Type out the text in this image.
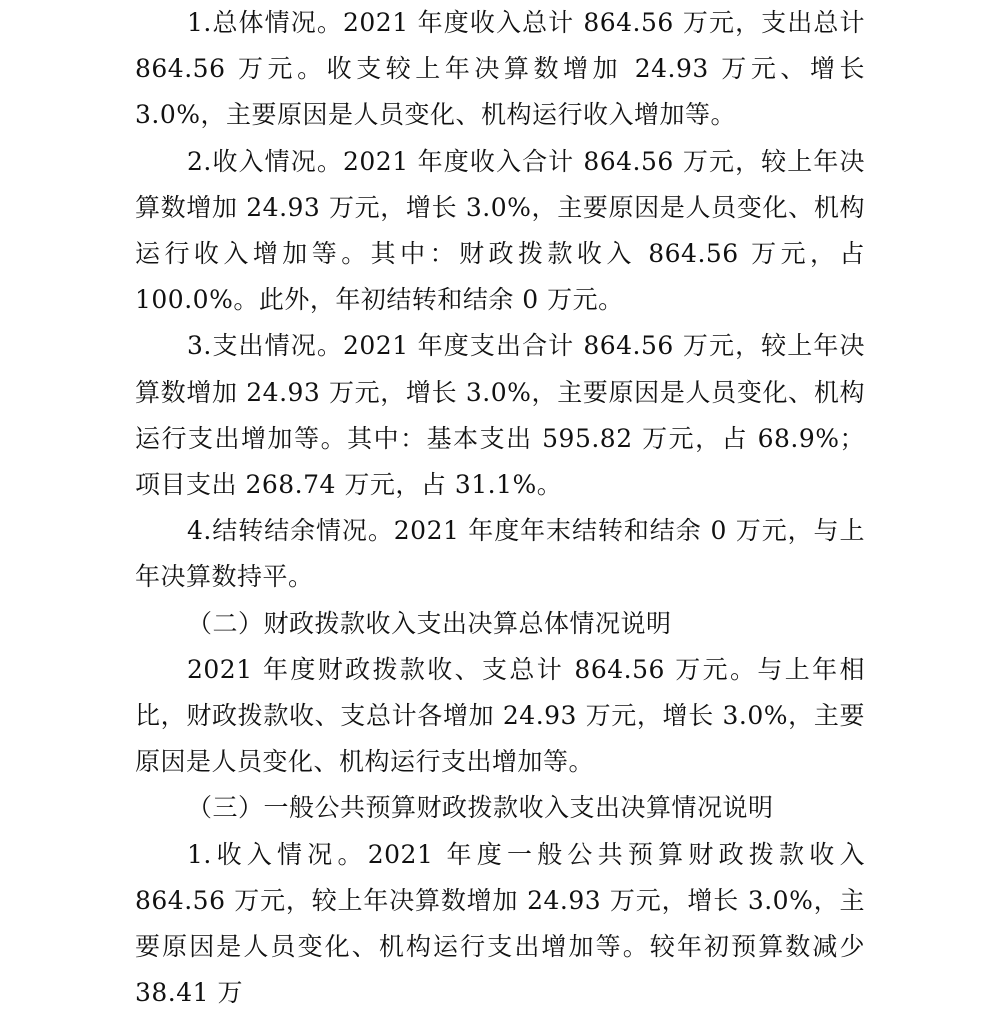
1.总体情况。2021 年度收入总计 864.56 万元，支出总计 864.56 万元。收支较上年决算数增加 24.93 万元、增长 3.0%，主要原因是人员变化、机构运行收入增加等。

2.收入情况。2021 年度收入合计 864.56 万元，较上年决算数增加 24.93 万元，增长 3.0%，主要原因是人员变化、机构运行收入增加等。其中：财政拨款收入 864.56 万元，占 100.0%。此外，年初结转和结余 0 万元。

3.支出情况。2021 年度支出合计 864.56 万元，较上年决算数增加 24.93 万元，增长 3.0%，主要原因是人员变化、机构运行支出增加等。其中：基本支出 595.82 万元，占 68.9%；项目支出 268.74 万元，占 31.1%。

4.结转结余情况。2021 年度年末结转和结余 0 万元，与上年决算数持平。

（二）财政拨款收入支出决算总体情况说明

2021 年度财政拨款收、支总计 864.56 万元。与上年相比，财政拨款收、支总计各增加 24.93 万元，增长 3.0%，主要原因是人员变化、机构运行支出增加等。

（三）一般公共预算财政拨款收入支出决算情况说明

1.收入情况。2021 年度一般公共预算财政拨款收入 864.56 万元，较上年决算数增加 24.93 万元，增长 3.0%，主要原因是人员变化、机构运行支出增加等。较年初预算数减少 38.41 万
